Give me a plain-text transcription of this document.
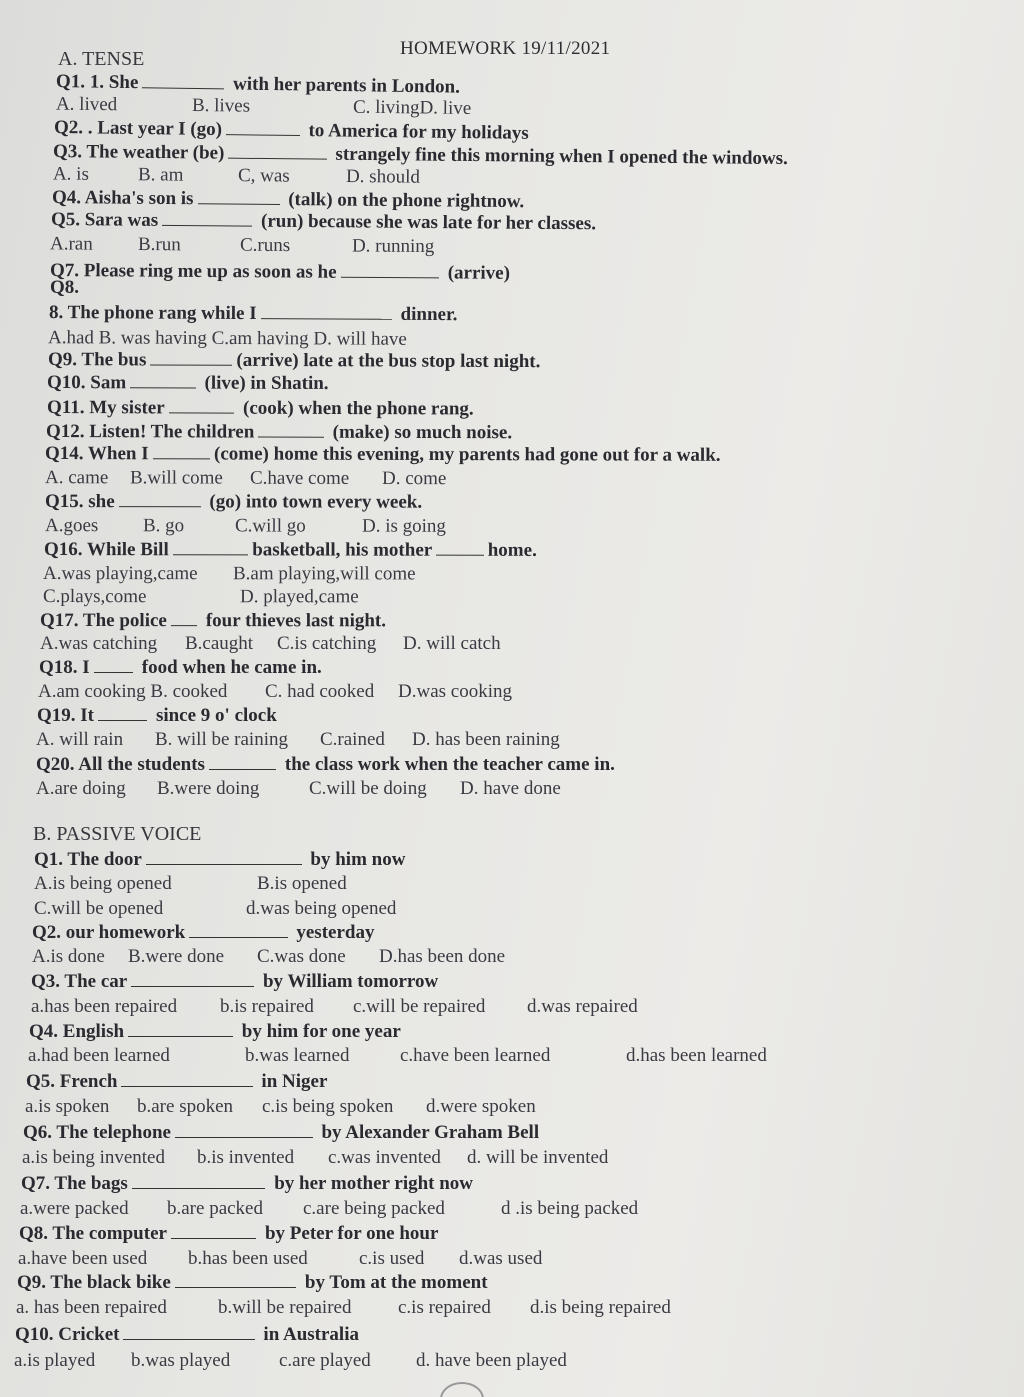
HOMEWORK 19/11/2021
A. TENSE
B. PASSIVE VOICE
Q1. 1. She	with her parents in London.
A. lived	B. lives	C. livingD. live
Q2. . Last year I (go)	to America for my holidays
Q3. The weather (be)	strangely fine this morning when I opened the windows.
A. is	B. am	C, was	D. should
Q4. Aisha's son is	(talk) on the phone rightnow.
Q5. Sara was	(run) because she was late for her classes.
A.ran B.run	C.runs	D. running
Q7. Please ring me up as soon as he	(arrive)
Q8.
8. The phone rang while I	dinner.
A.had B. was having C.am having D. will have
Q9. The bus	(arrive) late at the bus stop last night.
Q10. Sam	(live) in Shatin.
Q11. My sister	(cook) when the phone rang.
Q12. Listen! The children	(make) so much noise.
Q14. When I	(come) home this evening, my parents had gone out for a walk.
A. came B.will come C.have come D. come
Q15. she	(go) into town every week.
A.goes B. go	C.will go	D. is going
Q16. While Bill	basketball, his mother	home.
A.was playing,came B.am playing,will come
C.plays,come	D. played,came
Q17. The police four thieves last night.
A.was catching B.caught C.is catching D. will catch
Q18. I food when he came in.
A.am cooking B. cooked C. had cooked D.was cooking
Q19. It	since 9 o' clock
A. will rain B. will be raining C.rained D. has been raining
Q20. All the students	the class work when the teacher came in.
A.are doing B.were doing	C.will be doing D. have done
Q1. The door	by him now
A.is being opened	B.is opened
C.will be opened	d.was being opened
Q2. our homework	yesterday
A.is done B.were done C.was done D.has been done
Q3. The car	by William tomorrow
a.has been repaired b.is repaired c.will be repaired d.was repaired
Q4. English	by him for one year
a.had been learned	b.was learned	c.have been learned	d.has been learned
Q5. French	in Niger
a.is spoken b.are spoken c.is being spoken d.were spoken
Q6. The telephone	by Alexander Graham Bell
a.is being invented b.is invented c.was invented d. will be invented
Q7. The bags	by her mother right now
a.were packed b.are packed c.are being packed	d .is being packed
Q8. The computer	by Peter for one hour
a.have been used b.has been used	c.is used d.was used
Q9. The black bike	by Tom at the moment
a. has been repaired	b.will be repaired c.is repaired d.is being repaired
Q10. Cricket	in Australia
a.is played b.was played	c.are played d. have been played
